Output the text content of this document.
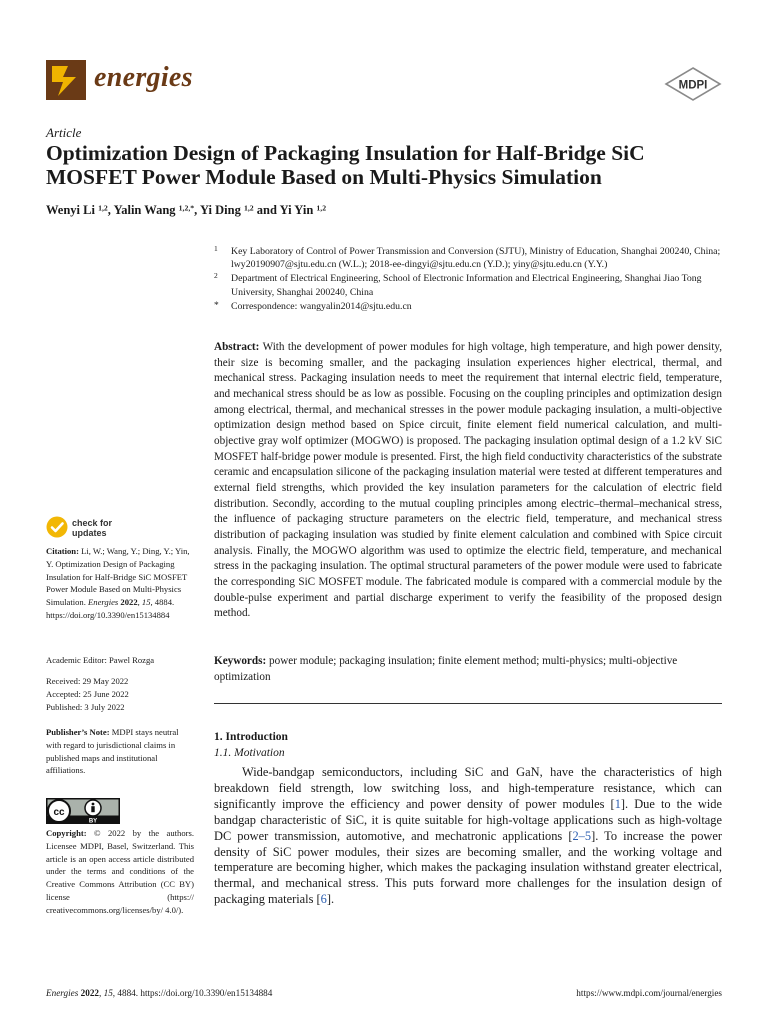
energies	MDPI
Article
Optimization Design of Packaging Insulation for Half-Bridge SiC MOSFET Power Module Based on Multi-Physics Simulation
Wenyi Li $^{1,2}$, Yalin Wang $^{1,2,*}$, Yi Ding $^{1,2}$ and Yi Yin $^{1,2}$
1 Key Laboratory of Control of Power Transmission and Conversion (SJTU), Ministry of Education, Shanghai 200240, China; lwy20190907@sjtu.edu.cn (W.L.); 2018-ee-dingyi@sjtu.edu.cn (Y.D.); yiny@sjtu.edu.cn (Y.Y.)
2 Department of Electrical Engineering, School of Electronic Information and Electrical Engineering, Shanghai Jiao Tong University, Shanghai 200240, China
* Correspondence: wangyalin2014@sjtu.edu.cn
Abstract: With the development of power modules for high voltage, high temperature, and high power density, their size is becoming smaller, and the packaging insulation experiences higher electrical, thermal, and mechanical stress. Packaging insulation needs to meet the requirement that internal electric field, temperature, and mechanical stress should be as low as possible. Focusing on the coupling principles and optimization design among electrical, thermal, and mechanical stresses in the power module packaging insulation, a multi-objective optimization design method based on Spice circuit, finite element field numerical calculation, and multi-objective gray wolf optimizer (MOGWO) is proposed. The packaging insulation optimal design of a 1.2 kV SiC MOSFET half-bridge power module is presented. First, the high field conductivity characteristics of the substrate ceramic and encapsulation silicone of the packaging insulation material were tested at different temperatures and external field strengths, which provided the key insulation parameters for the calculation of electric field distribution. Secondly, according to the mutual coupling principles among electric–thermal–mechanical stress, the influence of packaging structure parameters on the electric field, temperature, and mechanical stress distribution of packaging insulation was studied by finite element calculation and combined with Spice circuit analysis. Finally, the MOGWO algorithm was used to optimize the electric field, temperature, and mechanical stress in the packaging insulation. The optimal structural parameters of the power module were used to fabricate the corresponding SiC MOSFET module. The fabricated module is compared with a commercial module by the double-pulse experiment and partial discharge experiment to verify the feasibility of the proposed design method.
Keywords: power module; packaging insulation; finite element method; multi-physics; multi-objective optimization
1. Introduction
1.1. Motivation
Wide-bandgap semiconductors, including SiC and GaN, have the characteristics of high breakdown field strength, low switching loss, and high-temperature resistance, which can significantly improve the efficiency and power density of power modules [1]. Due to the wide bandgap characteristic of SiC, it is quite suitable for high-voltage applications such as high-voltage DC power transmission, automotive, and mechatronic applications [2–5]. To increase the power density of SiC power modules, their sizes are becoming smaller, and the working voltage and temperature are becoming higher, which makes the packaging insulation withstand greater electrical, thermal, and mechanical stress. This puts forward more challenges for the insulation design of packaging materials [6].
check for
updates
Citation: Li, W.; Wang, Y.; Ding, Y.; Yin, Y. Optimization Design of Packaging Insulation for Half-Bridge SiC MOSFET Power Module Based on Multi-Physics Simulation. Energies 2022, 15, 4884. https://doi.org/10.3390/en15134884
Academic Editor: Pawel Rozga
Received: 29 May 2022
Accepted: 25 June 2022
Published: 3 July 2022
Publisher’s Note: MDPI stays neutral with regard to jurisdictional claims in published maps and institutional affiliations.
cc
BY
Copyright: © 2022 by the authors. Licensee MDPI, Basel, Switzerland. This article is an open access article distributed under the terms and conditions of the Creative Commons Attribution (CC BY) license (https:// creativecommons.org/licenses/by/ 4.0/).
Energies 2022, 15, 4884. https://doi.org/10.3390/en15134884	https://www.mdpi.com/journal/energies
